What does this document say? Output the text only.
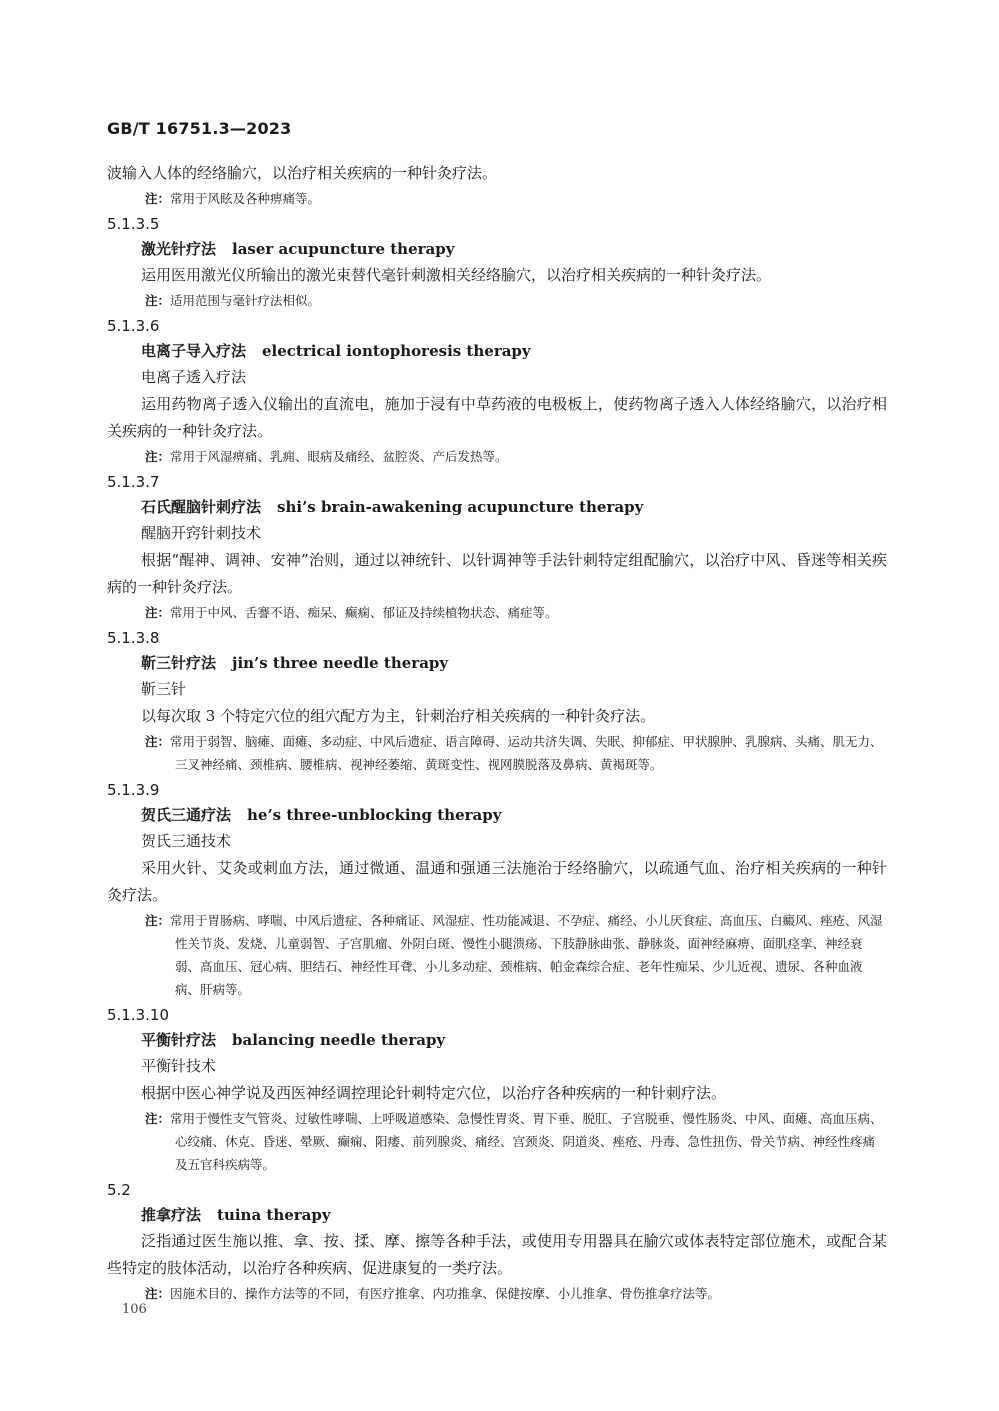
GB/T 16751.3—2023

波输入人体的经络腧穴，以治疗相关疾病的一种针灸疗法。

注：常用于风眩及各种痹痛等。

5.1.3.5

激光针疗法 laser acupuncture therapy

运用医用激光仪所输出的激光束替代毫针刺激相关经络腧穴，以治疗相关疾病的一种针灸疗法。

注：适用范围与毫针疗法相似。

5.1.3.6

电离子导入疗法 electrical iontophoresis therapy

电离子透入疗法

运用药物离子透入仪输出的直流电，施加于浸有中草药液的电极板上，使药物离子透入人体经络腧穴，以治疗相关疾病的一种针灸疗法。

注：常用于风湿痹痛、乳痈、眼病及痛经、盆腔炎、产后发热等。

5.1.3.7

石氏醒脑针刺疗法 shi’s brain-awakening acupuncture therapy

醒脑开窍针刺技术

根据“醒神、调神、安神”治则，通过以神统针、以针调神等手法针刺特定组配腧穴，以治疗中风、昏迷等相关疾病的一种针灸疗法。

注：常用于中风、舌謇不语、痴呆、癫痫、郁证及持续植物状态、痛症等。

5.1.3.8

靳三针疗法 jin’s three needle therapy

靳三针

以每次取 3 个特定穴位的组穴配方为主，针刺治疗相关疾病的一种针灸疗法。

注：常用于弱智、脑瘫、面瘫、多动症、中风后遗症、语言障碍、运动共济失调、失眠、抑郁症、甲状腺肿、乳腺病、头痛、肌无力、三叉神经痛、颈椎病、腰椎病、视神经萎缩、黄斑变性、视网膜脱落及鼻病、黄褐斑等。

5.1.3.9

贺氏三通疗法 he’s three-unblocking therapy

贺氏三通技术

采用火针、艾灸或刺血方法，通过微通、温通和强通三法施治于经络腧穴，以疏通气血、治疗相关疾病的一种针灸疗法。

注：常用于胃肠病、哮喘、中风后遗症、各种痛证、风湿症、性功能减退、不孕症、痛经、小儿厌食症、高血压、白癜风、痤疮、风湿性关节炎、发烧、儿童弱智、子宫肌瘤、外阴白斑、慢性小腿溃疡、下肢静脉曲张、静脉炎、面神经麻痹、面肌痉挛、神经衰弱、高血压、冠心病、胆结石、神经性耳聋、小儿多动症、颈椎病、帕金森综合症、老年性痴呆、少儿近视、遗尿、各种血液病、肝病等。

5.1.3.10

平衡针疗法 balancing needle therapy

平衡针技术

根据中医心神学说及西医神经调控理论针刺特定穴位，以治疗各种疾病的一种针刺疗法。

注：常用于慢性支气管炎、过敏性哮喘、上呼吸道感染、急慢性胃炎、胃下垂、脱肛、子宫脱垂、慢性肠炎、中风、面瘫、高血压病、心绞痛、休克、昏迷、晕厥、癫痫、阳痿、前列腺炎、痛经、宫颈炎、阴道炎、痤疮、丹毒、急性扭伤、骨关节病、神经性疼痛及五官科疾病等。

5.2

推拿疗法 tuina therapy

泛指通过医生施以推、拿、按、揉、摩、擦等各种手法，或使用专用器具在腧穴或体表特定部位施术，或配合某些特定的肢体活动，以治疗各种疾病、促进康复的一类疗法。

注：因施术目的、操作方法等的不同，有医疗推拿、内功推拿、保健按摩、小儿推拿、骨伤推拿疗法等。

106
